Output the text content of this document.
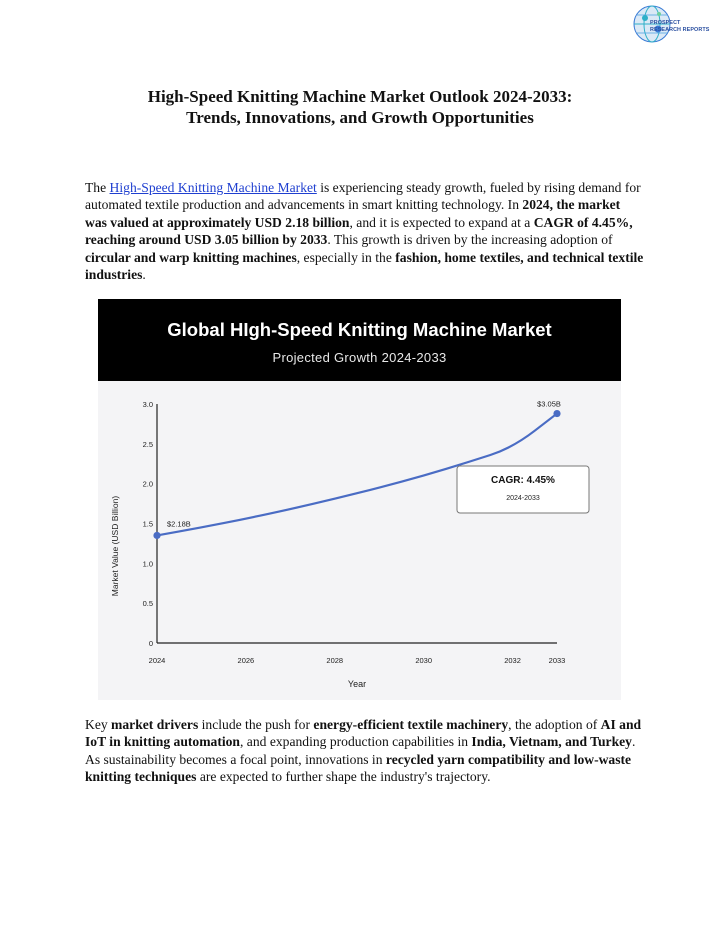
PROSPECT
RESEARCH REPORTS
High-Speed Knitting Machine Market Outlook 2024-2033:
Trends, Innovations, and Growth Opportunities
The High-Speed Knitting Machine Market is experiencing steady growth, fueled by rising demand for automated textile production and advancements in smart knitting technology. In 2024, the market was valued at approximately USD 2.18 billion, and it is expected to expand at a CAGR of 4.45%, reaching around USD 3.05 billion by 2033. This growth is driven by the increasing adoption of circular and warp knitting machines, especially in the fashion, home textiles, and technical textile industries.
Global HIgh-Speed Knitting Machine Market
Projected Growth 2024-2033
0
0.5
1.0
1.5
2.0
2.5
3.0
2024	2026	2028	2030	2032	2033
$2.18B
$3.05B
Year
Market Value (USD Billion)
CAGR: 4.45%
2024-2033
Key market drivers include the push for energy-efficient textile machinery, the adoption of AI and IoT in knitting automation, and expanding production capabilities in India, Vietnam, and Turkey. As sustainability becomes a focal point, innovations in recycled yarn compatibility and low-waste knitting techniques are expected to further shape the industry's trajectory.
